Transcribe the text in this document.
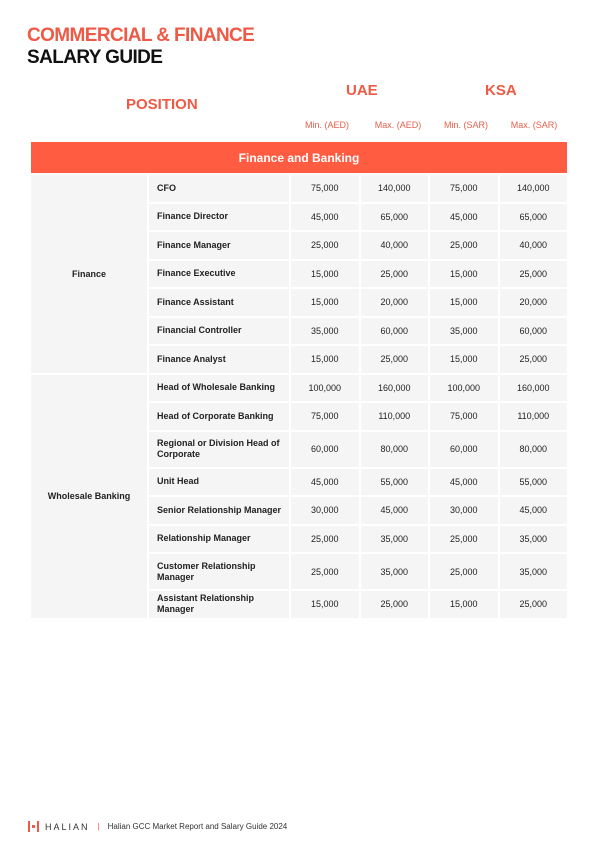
COMMERCIAL & FINANCE
SALARY GUIDE
POSITION
UAE	KSA
Min. (AED)	Max. (AED)	Min. (SAR)	Max. (SAR)
Finance and Banking
Finance	CFO	75,000	140,000	75,000	140,000
	Finance Director	45,000	65,000	45,000	65,000
	Finance Manager	25,000	40,000	25,000	40,000
	Finance Executive	15,000	25,000	15,000	25,000
	Finance Assistant	15,000	20,000	15,000	20,000
	Financial Controller	35,000	60,000	35,000	60,000
	Finance Analyst	15,000	25,000	15,000	25,000
Wholesale Banking	Head of Wholesale Banking	100,000	160,000	100,000	160,000
	Head of Corporate Banking	75,000	110,000	75,000	110,000
	Regional or Division Head of Corporate	60,000	80,000	60,000	80,000
	Unit Head	45,000	55,000	45,000	55,000
	Senior Relationship Manager	30,000	45,000	30,000	45,000
	Relationship Manager	25,000	35,000	25,000	35,000
	Customer Relationship Manager	25,000	35,000	25,000	35,000
	Assistant Relationship Manager	15,000	25,000	15,000	25,000
HALIAN | Halian GCC Market Report and Salary Guide 2024
